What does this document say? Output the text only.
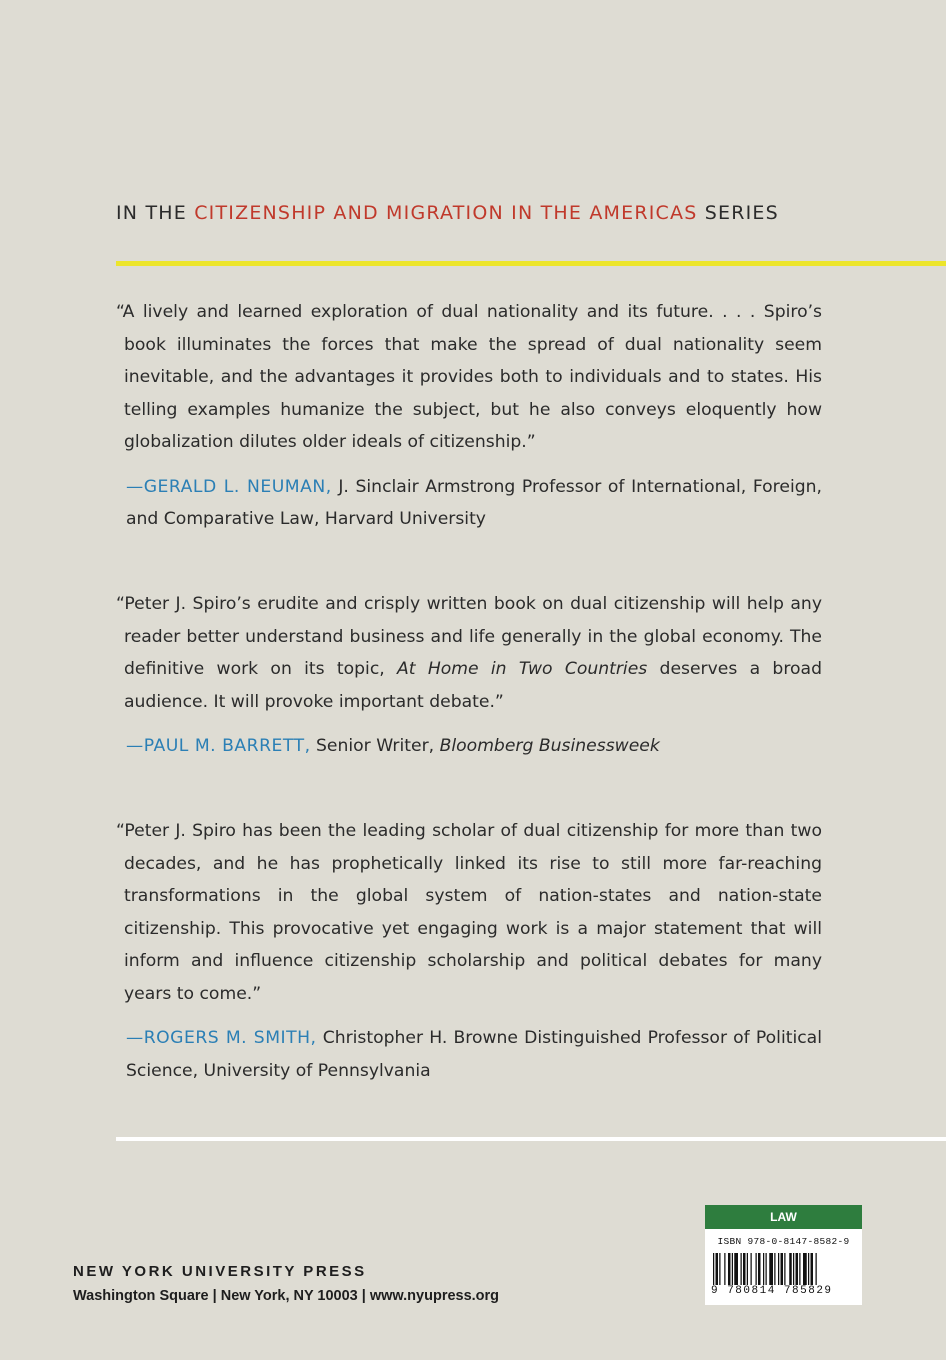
IN THE CITIZENSHIP AND MIGRATION IN THE AMERICAS SERIES

“A lively and learned exploration of dual nationality and its future. . . . Spiro’s book illuminates the forces that make the spread of dual nationality seem inevitable, and the advantages it provides both to individuals and to states. His telling examples humanize the subject, but he also conveys eloquently how globalization dilutes older ideals of citizenship.”

—GERALD L. NEUMAN, J. Sinclair Armstrong Professor of International, Foreign, and Comparative Law, Harvard University

“Peter J. Spiro’s erudite and crisply written book on dual citizenship will help any reader better understand business and life generally in the global economy. The definitive work on its topic, At Home in Two Countries deserves a broad audience. It will provoke important debate.”

—PAUL M. BARRETT, Senior Writer, Bloomberg Businessweek

“Peter J. Spiro has been the leading scholar of dual citizenship for more than two decades, and he has prophetically linked its rise to still more far-reaching transformations in the global system of nation-states and nation-state citizenship. This provocative yet engaging work is a major statement that will inform and influence citizenship scholarship and political debates for many years to come.”

—ROGERS M. SMITH, Christopher H. Browne Distinguished Professor of Political Science, University of Pennsylvania
NEW YORK UNIVERSITY PRESS
Washington Square | New York, NY 10003 | www.nyupress.org
LAW
ISBN 978-0-8147-8582-9
9 780814 785829
